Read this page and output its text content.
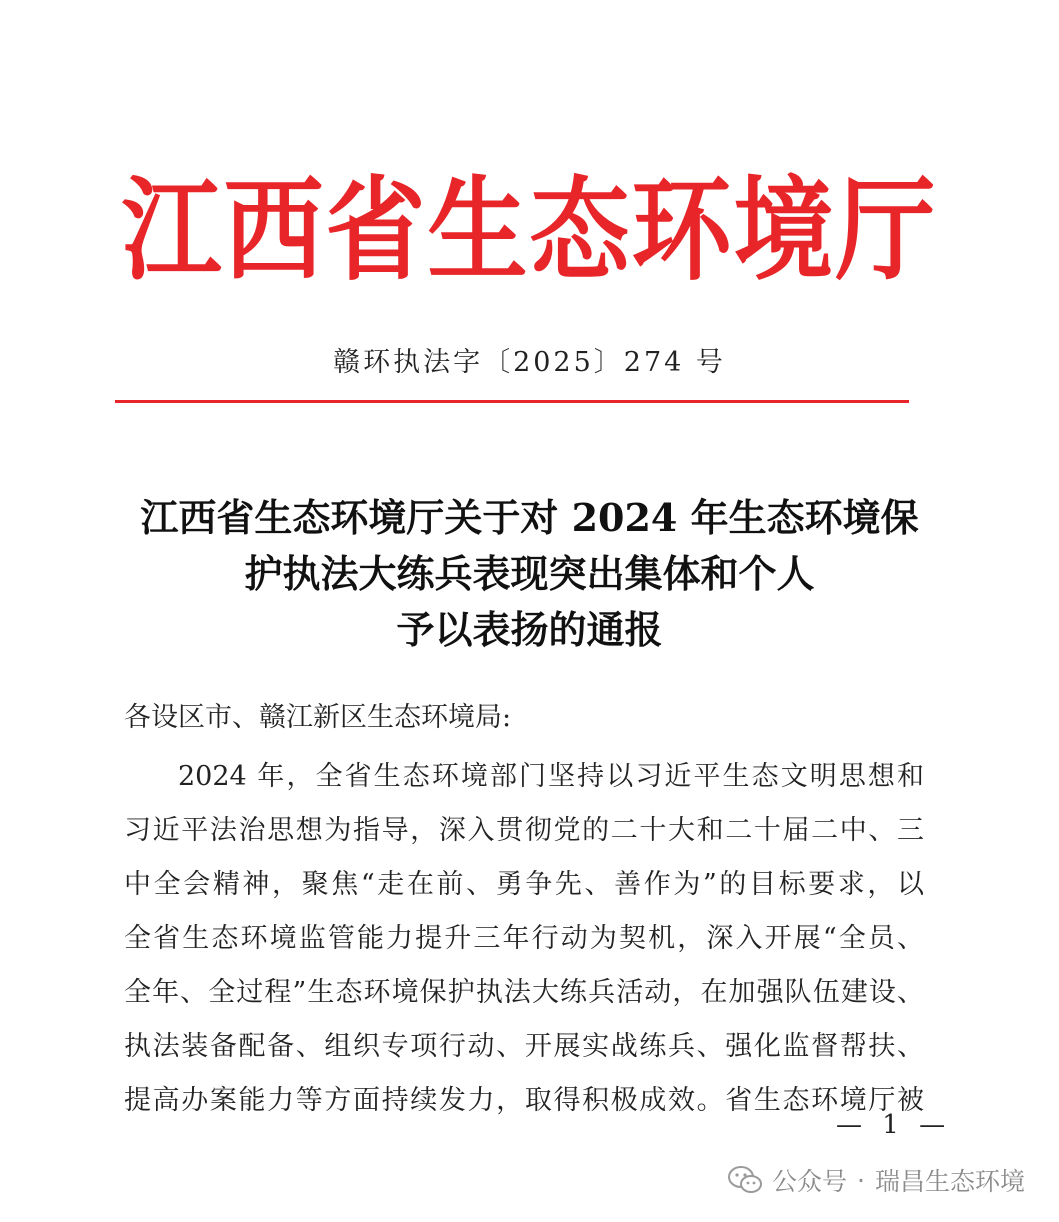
江西省生态环境厅
赣环执法字〔2025〕274 号
江西省生态环境厅关于对 2024 年生态环境保
护执法大练兵表现突出集体和个人
予以表扬的通报
各设区市、赣江新区生态环境局:
2024 年，全省生态环境部门坚持以习近平生态文明思想和
习近平法治思想为指导，深入贯彻党的二十大和二十届二中、三
中全会精神，聚焦“走在前、勇争先、善作为”的目标要求，以
全省生态环境监管能力提升三年行动为契机，深入开展“全员、
全年、全过程”生态环境保护执法大练兵活动，在加强队伍建设、
执法装备配备、组织专项行动、开展实战练兵、强化监督帮扶、
提高办案能力等方面持续发力，取得积极成效。省生态环境厅被
— 1 —
公众号 · 瑞昌生态环境
